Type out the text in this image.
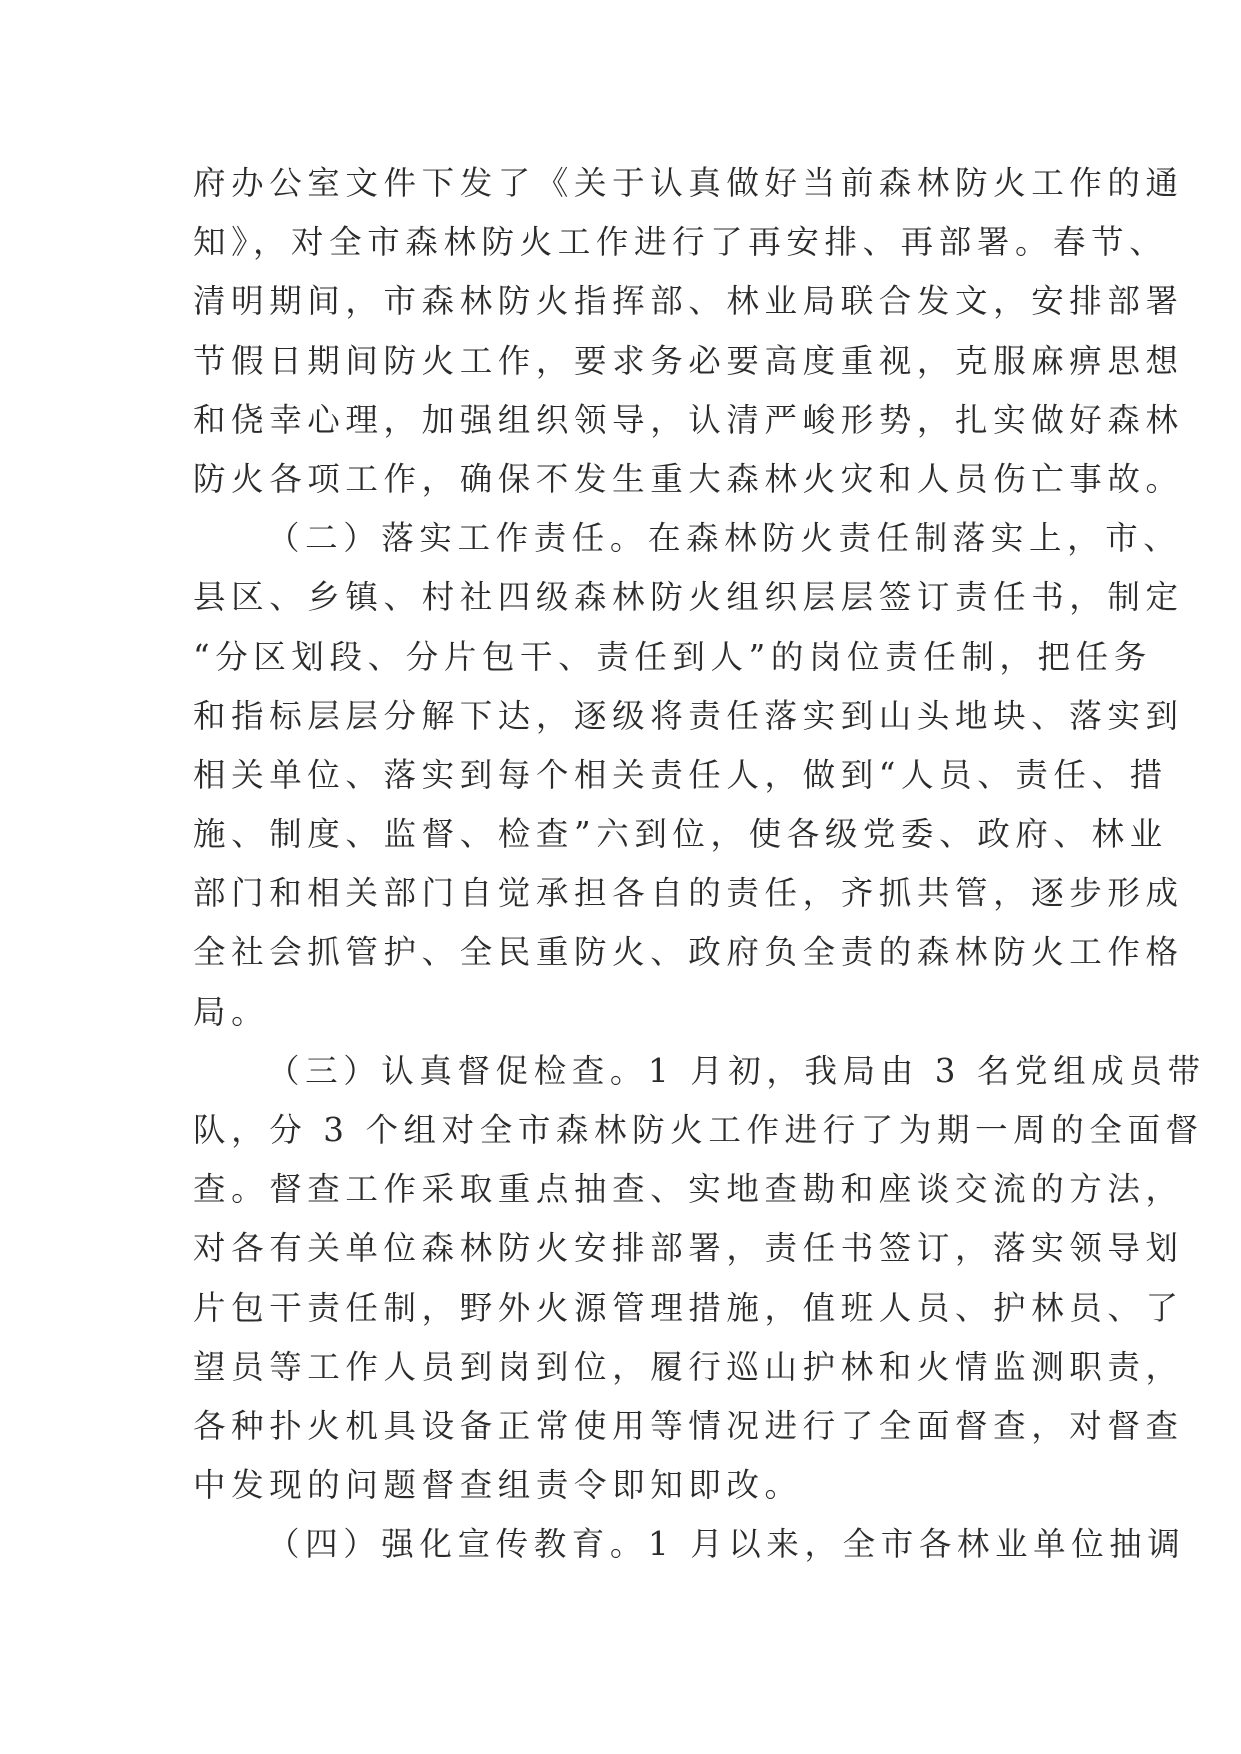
府办公室文件下发了《关于认真做好当前森林防火工作的通
知》，对全市森林防火工作进行了再安排、再部署。春节、
清明期间，市森林防火指挥部、林业局联合发文，安排部署
节假日期间防火工作，要求务必要高度重视，克服麻痹思想
和侥幸心理，加强组织领导，认清严峻形势，扎实做好森林
防火各项工作，确保不发生重大森林火灾和人员伤亡事故。
（二）落实工作责任。在森林防火责任制落实上，市、
县区、乡镇、村社四级森林防火组织层层签订责任书，制定
“分区划段、分片包干、责任到人”的岗位责任制，把任务
和指标层层分解下达，逐级将责任落实到山头地块、落实到
相关单位、落实到每个相关责任人，做到“人员、责任、措
施、制度、监督、检查”六到位，使各级党委、政府、林业
部门和相关部门自觉承担各自的责任，齐抓共管，逐步形成
全社会抓管护、全民重防火、政府负全责的森林防火工作格
局。
（三）认真督促检查。1 月初，我局由 3 名党组成员带
队，分 3 个组对全市森林防火工作进行了为期一周的全面督
查。督查工作采取重点抽查、实地查勘和座谈交流的方法，
对各有关单位森林防火安排部署，责任书签订，落实领导划
片包干责任制，野外火源管理措施，值班人员、护林员、了
望员等工作人员到岗到位，履行巡山护林和火情监测职责，
各种扑火机具设备正常使用等情况进行了全面督查，对督查
中发现的问题督查组责令即知即改。
（四）强化宣传教育。1 月以来，全市各林业单位抽调
